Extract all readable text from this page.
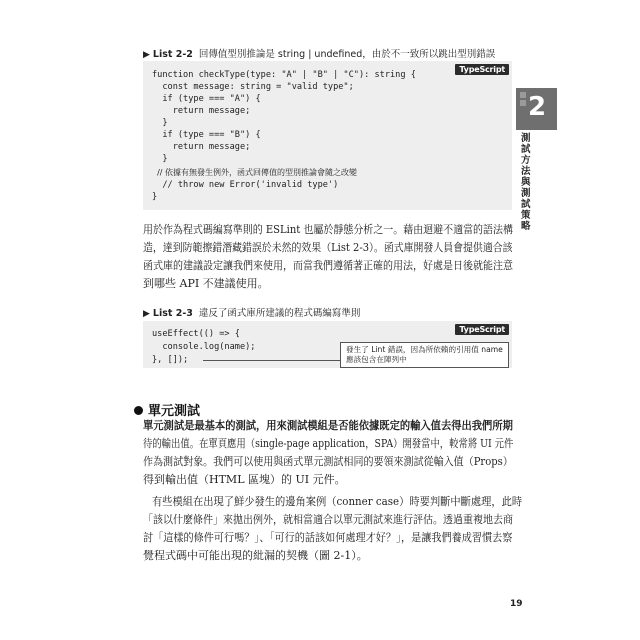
2
測試方法與測試策略
▶ List 2-2 回傳值型別推論是 string | undefined，由於不一致所以跳出型別錯誤
TypeScript
function checkType(type: "A" | "B" | "C"): string {
const message: string = "valid type";
if (type === "A") {
return message;
}
if (type === "B") {
return message;
}
// 依據有無發生例外，函式回傳值的型別推論會隨之改變
// throw new Error('invalid type')
}
用於作為程式碼編寫準則的 ESLint 也屬於靜態分析之一。藉由迴避不適當的語法構
造，達到防範擦錯潛藏錯誤於未然的效果（List 2-3）。函式庫開發人員會提供適合該
函式庫的建議設定讓我們來使用，而當我們遵循著正確的用法，好處是日後就能注意
到哪些 API 不建議使用。
▶ List 2-3 違反了函式庫所建議的程式碼編寫準則
TypeScript
useEffect(() => {
console.log(name);
}, []);
發生了 Lint 錯誤，因為所依賴的引用值 name
應該包含在陣列中
單元測試
單元測試是最基本的測試，用來測試模組是否能依據既定的輸入值去得出我們所期
待的輸出值。在單頁應用（single-page application，SPA）開發當中，較常將 UI 元件
作為測試對象。我們可以使用與函式單元測試相同的要領來測試從輸入值（Props）
得到輸出值（HTML 區塊）的 UI 元件。
有些模組在出現了鮮少發生的邊角案例（conner case）時要判斷中斷處理，此時
「該以什麼條件」來拋出例外，就相當適合以單元測試來進行評估。透過重複地去商
討「這樣的條件可行嗎？」、「可行的話該如何處理才好？」，是讓我們養成習慣去察
覺程式碼中可能出現的紕漏的契機（圖 2-1）。
19
